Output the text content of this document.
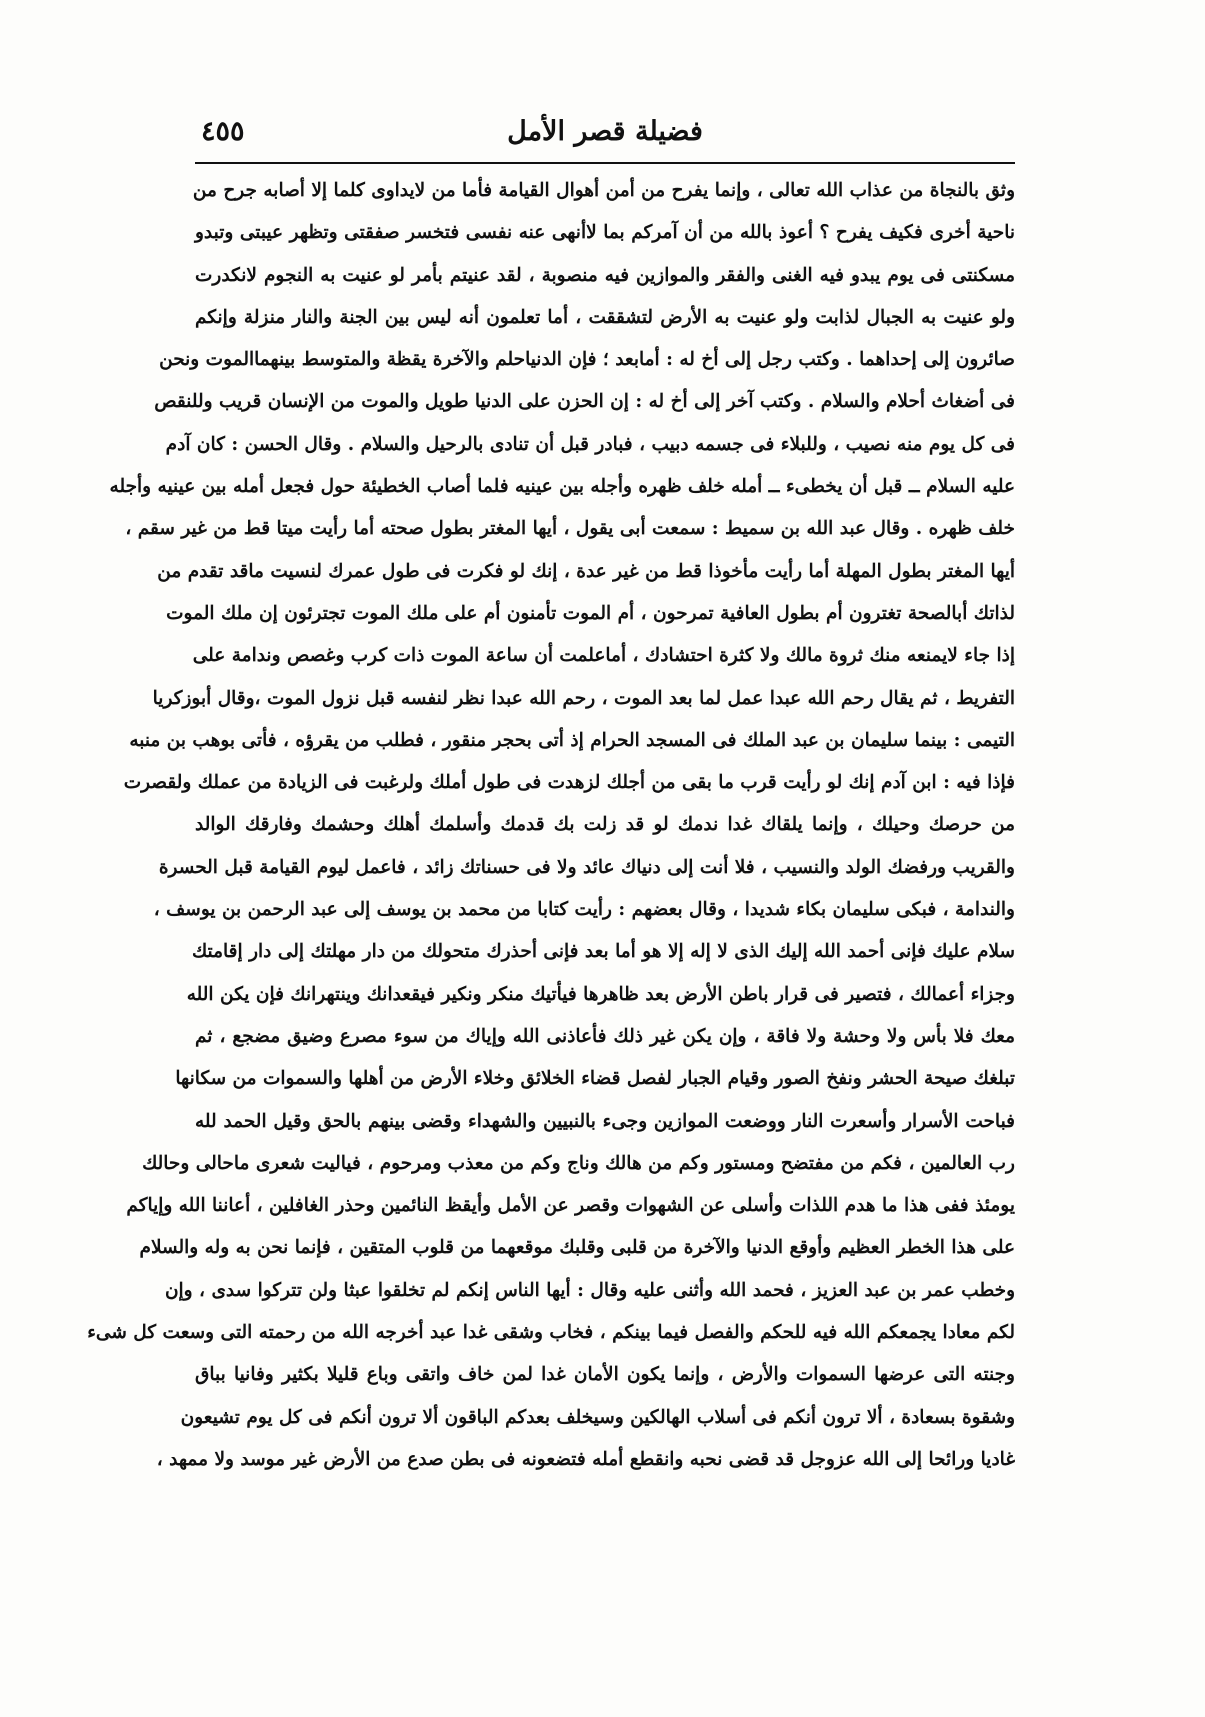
فضيلة قصر الأمل
٤٥٥
وثق بالنجاة من عذاب الله تعالى ، وإنما يفرح من أمن أهوال القيامة فأما من لايداوى كلما إلا أصابه جرح من
ناحية أخرى فكيف يفرح ؟ أعوذ بالله من أن آمركم بما لاأنهى عنه نفسى فتخسر صفقتى وتظهر عيبتى وتبدو
مسكنتى فى يوم يبدو فيه الغنى والفقر والموازين فيه منصوبة ، لقد عنيتم بأمر لو عنيت به النجوم لانكدرت
ولو عنيت به الجبال لذابت ولو عنيت به الأرض لتشققت ، أما تعلمون أنه ليس بين الجنة والنار منزلة وإنكم
صائرون إلى إحداهما . وكتب رجل إلى أخ له : أمابعد ؛ فإن الدنياحلم والآخرة يقظة والمتوسط بينهماالموت ونحن
فى أضغاث أحلام والسلام . وكتب آخر إلى أخ له : إن الحزن على الدنيا طويل والموت من الإنسان قريب وللنقص
فى كل يوم منه نصيب ، وللبلاء فى جسمه دبيب ، فبادر قبل أن تنادى بالرحيل والسلام . وقال الحسن : كان آدم
عليه السلام ــ قبل أن يخطىء ــ أمله خلف ظهره وأجله بين عينيه فلما أصاب الخطيئة حول فجعل أمله بين عينيه وأجله
خلف ظهره . وقال عبد الله بن سميط : سمعت أبى يقول ، أيها المغتر بطول صحته أما رأيت ميتا قط من غير سقم ،
أيها المغتر بطول المهلة أما رأيت مأخوذا قط من غير عدة ، إنك لو فكرت فى طول عمرك لنسيت ماقد تقدم من
لذاتك أبالصحة تغترون أم بطول العافية تمرحون ، أم الموت تأمنون أم على ملك الموت تجترئون إن ملك الموت
إذا جاء لايمنعه منك ثروة مالك ولا كثرة احتشادك ، أماعلمت أن ساعة الموت ذات كرب وغصص وندامة على
التفريط ، ثم يقال رحم الله عبدا عمل لما بعد الموت ، رحم الله عبدا نظر لنفسه قبل نزول الموت ،وقال أبوزكريا
التيمى : بينما سليمان بن عبد الملك فى المسجد الحرام إذ أتى بحجر منقور ، فطلب من يقرؤه ، فأتى بوهب بن منبه
فإذا فيه : ابن آدم إنك لو رأيت قرب ما بقى من أجلك لزهدت فى طول أملك ولرغبت فى الزيادة من عملك ولقصرت
من حرصك وحيلك ، وإنما يلقاك غدا ندمك لو قد زلت بك قدمك وأسلمك أهلك وحشمك وفارقك الوالد
والقريب ورفضك الولد والنسيب ، فلا أنت إلى دنياك عائد ولا فى حسناتك زائد ، فاعمل ليوم القيامة قبل الحسرة
والندامة ، فبكى سليمان بكاء شديدا ، وقال بعضهم : رأيت كتابا من محمد بن يوسف إلى عبد الرحمن بن يوسف ،
سلام عليك فإنى أحمد الله إليك الذى لا إله إلا هو أما بعد فإنى أحذرك متحولك من دار مهلتك إلى دار إقامتك
وجزاء أعمالك ، فتصير فى قرار باطن الأرض بعد ظاهرها فيأتيك منكر ونكير فيقعدانك وينتهرانك فإن يكن الله
معك فلا بأس ولا وحشة ولا فاقة ، وإن يكن غير ذلك فأعاذنى الله وإياك من سوء مصرع وضيق مضجع ، ثم
تبلغك صيحة الحشر ونفخ الصور وقيام الجبار لفصل قضاء الخلائق وخلاء الأرض من أهلها والسموات من سكانها
فباحت الأسرار وأسعرت النار ووضعت الموازين وجىء بالنبيين والشهداء وقضى بينهم بالحق وقيل الحمد لله
رب العالمين ، فكم من مفتضح ومستور وكم من هالك وناج وكم من معذب ومرحوم ، فياليت شعرى ماحالى وحالك
يومئذ ففى هذا ما هدم اللذات وأسلى عن الشهوات وقصر عن الأمل وأيقظ النائمين وحذر الغافلين ، أعاننا الله وإياكم
على هذا الخطر العظيم وأوقع الدنيا والآخرة من قلبى وقلبك موقعهما من قلوب المتقين ، فإنما نحن به وله والسلام
وخطب عمر بن عبد العزيز ، فحمد الله وأثنى عليه وقال : أيها الناس إنكم لم تخلقوا عبثا ولن تتركوا سدى ، وإن
لكم معادا يجمعكم الله فيه للحكم والفصل فيما بينكم ، فخاب وشقى غدا عبد أخرجه الله من رحمته التى وسعت كل شىء
وجنته التى عرضها السموات والأرض ، وإنما يكون الأمان غدا لمن خاف واتقى وباع قليلا بكثير وفانيا بباق
وشقوة بسعادة ، ألا ترون أنكم فى أسلاب الهالكين وسيخلف بعدكم الباقون ألا ترون أنكم فى كل يوم تشيعون
غاديا ورائحا إلى الله عزوجل قد قضى نحبه وانقطع أمله فتضعونه فى بطن صدع من الأرض غير موسد ولا ممهد ،
